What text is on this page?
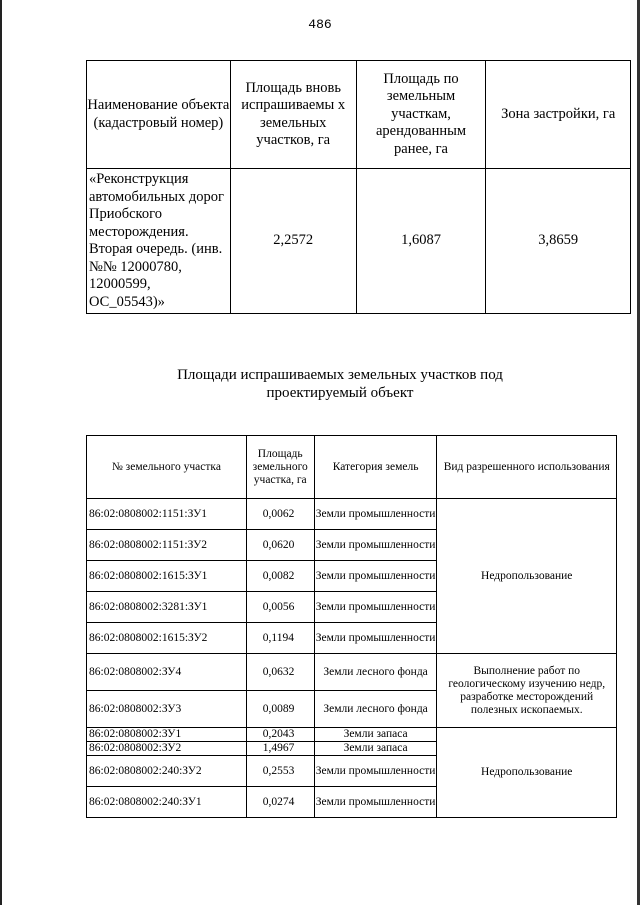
486
Наименование объекта (кадастровый номер)	Площадь вновь испрашиваемы х земельных участков, га	Площадь по земельным участкам, арендованным ранее, га	Зона застройки, га
«Реконструкция автомобильных дорог Приобского месторождения. Вторая очередь. (инв.№№ 12000780, 12000599, ОС_05543)»	2,2572	1,6087	3,8659
Площади испрашиваемых земельных участков под
проектируемый объект
№ земельного участка	Площадь земельного участка, га	Категория земель	Вид разрешенного использования
86:02:0808002:1151:ЗУ1	0,0062	Земли промышленности	Недропользование
86:02:0808002:1151:ЗУ2	0,0620	Земли промышленности	
86:02:0808002:1615:ЗУ1	0,0082	Земли промышленности	
86:02:0808002:3281:ЗУ1	0,0056	Земли промышленности	
86:02:0808002:1615:ЗУ2	0,1194	Земли промышленности	
86:02:0808002:ЗУ4	0,0632	Земли лесного фонда	Выполнение работ по геологическому изучению недр, разработке месторождений полезных ископаемых.
86:02:0808002:ЗУ3	0,0089	Земли лесного фонда	
86:02:0808002:ЗУ1	0,2043	Земли запаса	Недропользование
86:02:0808002:ЗУ2	1,4967	Земли запаса	
86:02:0808002:240:ЗУ2	0,2553	Земли промышленности	
86:02:0808002:240:ЗУ1	0,0274	Земли промышленности	
